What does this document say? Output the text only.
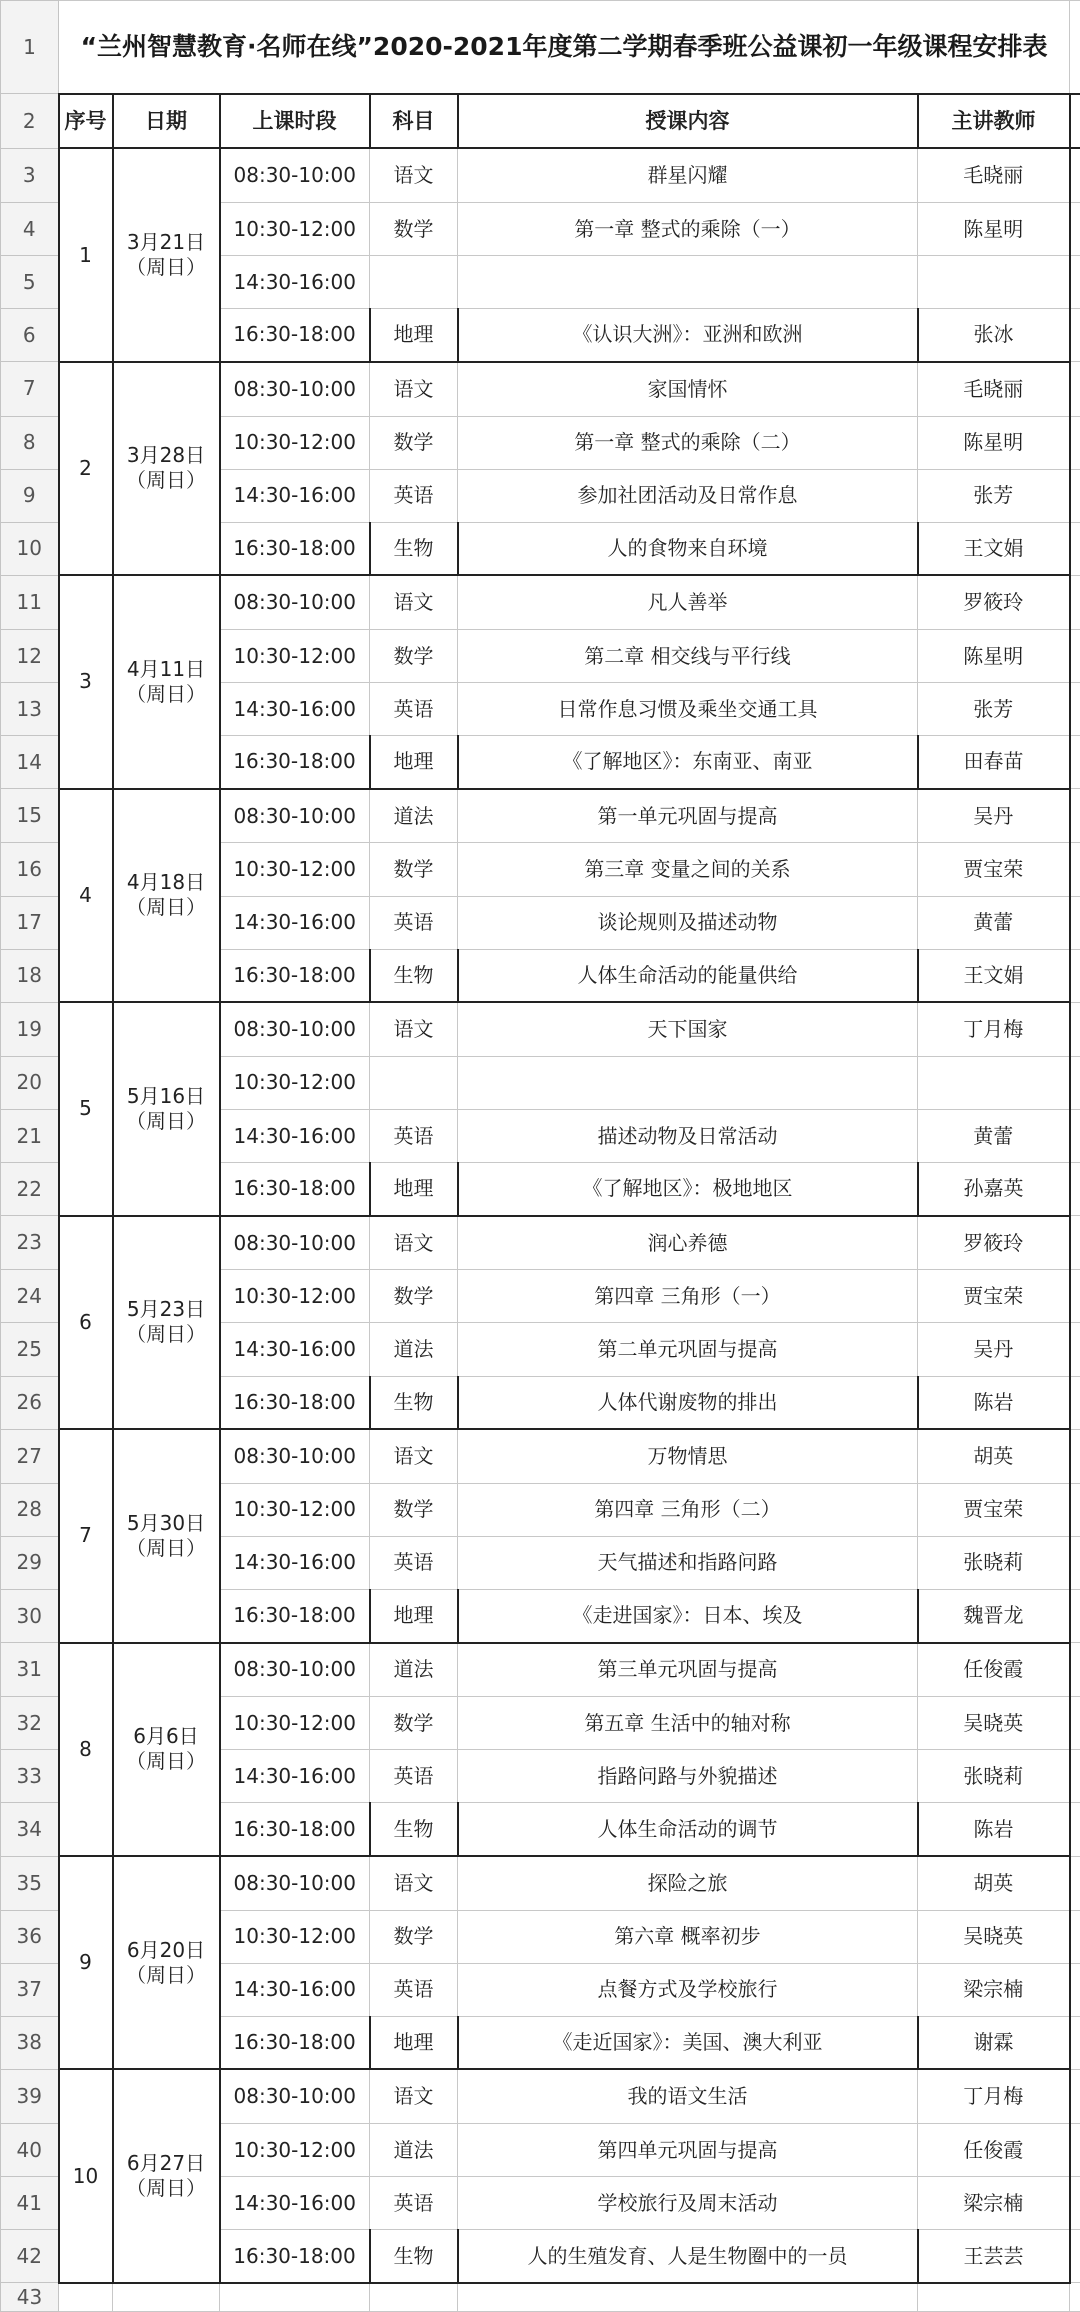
1	“兰州智慧教育·名师在线”2020-2021年度第二学期春季班公益课初一年级课程安排表						
2	序号	日期	上课时段	科目	授课内容	主讲教师	
3	1	3月21日（周日）	08:30-10:00	语文	群星闪耀	毛晓丽	
4			10:30-12:00	数学	第一章 整式的乘除（一）	陈星明	
5			14:30-16:00				
6			16:30-18:00	地理	《认识大洲》：亚洲和欧洲	张冰	
7	2	3月28日（周日）	08:30-10:00	语文	家国情怀	毛晓丽	
8			10:30-12:00	数学	第一章 整式的乘除（二）	陈星明	
9			14:30-16:00	英语	参加社团活动及日常作息	张芳	
10			16:30-18:00	生物	人的食物来自环境	王文娟	
11	3	4月11日（周日）	08:30-10:00	语文	凡人善举	罗筱玲	
12			10:30-12:00	数学	第二章 相交线与平行线	陈星明	
13			14:30-16:00	英语	日常作息习惯及乘坐交通工具	张芳	
14			16:30-18:00	地理	《了解地区》：东南亚、南亚	田春苗	
15	4	4月18日（周日）	08:30-10:00	道法	第一单元巩固与提高	吴丹	
16			10:30-12:00	数学	第三章 变量之间的关系	贾宝荣	
17			14:30-16:00	英语	谈论规则及描述动物	黄蕾	
18			16:30-18:00	生物	人体生命活动的能量供给	王文娟	
19	5	5月16日（周日）	08:30-10:00	语文	天下国家	丁月梅	
20			10:30-12:00				
21			14:30-16:00	英语	描述动物及日常活动	黄蕾	
22			16:30-18:00	地理	《了解地区》：极地地区	孙嘉英	
23	6	5月23日（周日）	08:30-10:00	语文	润心养德	罗筱玲	
24			10:30-12:00	数学	第四章 三角形（一）	贾宝荣	
25			14:30-16:00	道法	第二单元巩固与提高	吴丹	
26			16:30-18:00	生物	人体代谢废物的排出	陈岩	
27	7	5月30日（周日）	08:30-10:00	语文	万物情思	胡英	
28			10:30-12:00	数学	第四章 三角形（二）	贾宝荣	
29			14:30-16:00	英语	天气描述和指路问路	张晓莉	
30			16:30-18:00	地理	《走进国家》：日本、埃及	魏晋龙	
31	8	6月6日（周日）	08:30-10:00	道法	第三单元巩固与提高	任俊霞	
32			10:30-12:00	数学	第五章 生活中的轴对称	吴晓英	
33			14:30-16:00	英语	指路问路与外貌描述	张晓莉	
34			16:30-18:00	生物	人体生命活动的调节	陈岩	
35	9	6月20日（周日）	08:30-10:00	语文	探险之旅	胡英	
36			10:30-12:00	数学	第六章 概率初步	吴晓英	
37			14:30-16:00	英语	点餐方式及学校旅行	梁宗楠	
38			16:30-18:00	地理	《走近国家》：美国、澳大利亚	谢霖	
39	10	6月27日（周日）	08:30-10:00	语文	我的语文生活	丁月梅	
40			10:30-12:00	道法	第四单元巩固与提高	任俊霞	
41			14:30-16:00	英语	学校旅行及周末活动	梁宗楠	
42			16:30-18:00	生物	人的生殖发育、人是生物圈中的一员	王芸芸	
43							
